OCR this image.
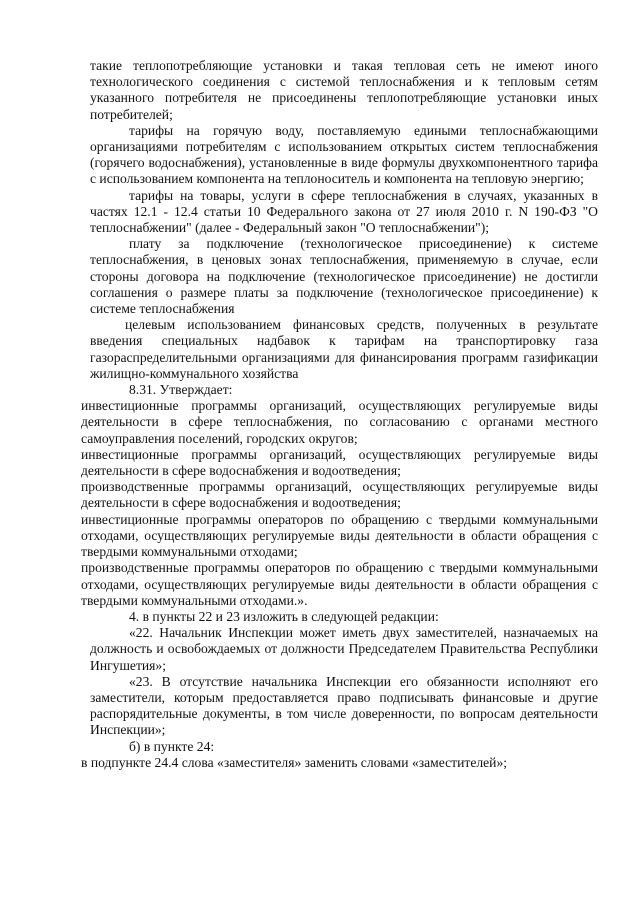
такие теплопотребляющие установки и такая тепловая сеть не имеют иного технологического соединения с системой теплоснабжения и к тепловым сетям указанного потребителя не присоединены теплопотребляющие установки иных потребителей;

тарифы на горячую воду, поставляемую едиными теплоснабжающими организациями потребителям с использованием открытых систем теплоснабжения (горячего водоснабжения), установленные в виде формулы двухкомпонентного тарифа с использованием компонента на теплоноситель и компонента на тепловую энергию;

тарифы на товары, услуги в сфере теплоснабжения в случаях, указанных в частях 12.1 - 12.4 статьи 10 Федерального закона от 27 июля 2010 г. N 190-ФЗ "О теплоснабжении" (далее - Федеральный закон "О теплоснабжении");

плату за подключение (технологическое присоединение) к системе теплоснабжения, в ценовых зонах теплоснабжения, применяемую в случае, если стороны договора на подключение (технологическое присоединение) не достигли соглашения о размере платы за подключение (технологическое присоединение) к системе теплоснабжения

целевым использованием финансовых средств, полученных в результате введения специальных надбавок к тарифам на транспортировку газа газораспределительными организациями для финансирования программ газификации жилищно-коммунального хозяйства

8.31. Утверждает:

инвестиционные программы организаций, осуществляющих регулируемые виды деятельности в сфере теплоснабжения, по согласованию с органами местного самоуправления поселений, городских округов;

инвестиционные программы организаций, осуществляющих регулируемые виды деятельности в сфере водоснабжения и водоотведения;

производственные программы организаций, осуществляющих регулируемые виды деятельности в сфере водоснабжения и водоотведения;

инвестиционные программы операторов по обращению с твердыми коммунальными отходами, осуществляющих регулируемые виды деятельности в области обращения с твердыми коммунальными отходами;

производственные программы операторов по обращению с твердыми коммунальными отходами, осуществляющих регулируемые виды деятельности в области обращения с твердыми коммунальными отходами.».

4. в пункты 22 и 23 изложить в следующей редакции:

«22. Начальник Инспекции может иметь двух заместителей, назначаемых на должность и освобождаемых от должности Председателем Правительства Республики Ингушетия»;

«23. В отсутствие начальника Инспекции его обязанности исполняют его заместители, которым предоставляется право подписывать финансовые и другие распорядительные документы, в том числе доверенности, по вопросам деятельности Инспекции»;

б) в пункте 24:

в подпункте 24.4 слова «заместителя» заменить словами «заместителей»;
